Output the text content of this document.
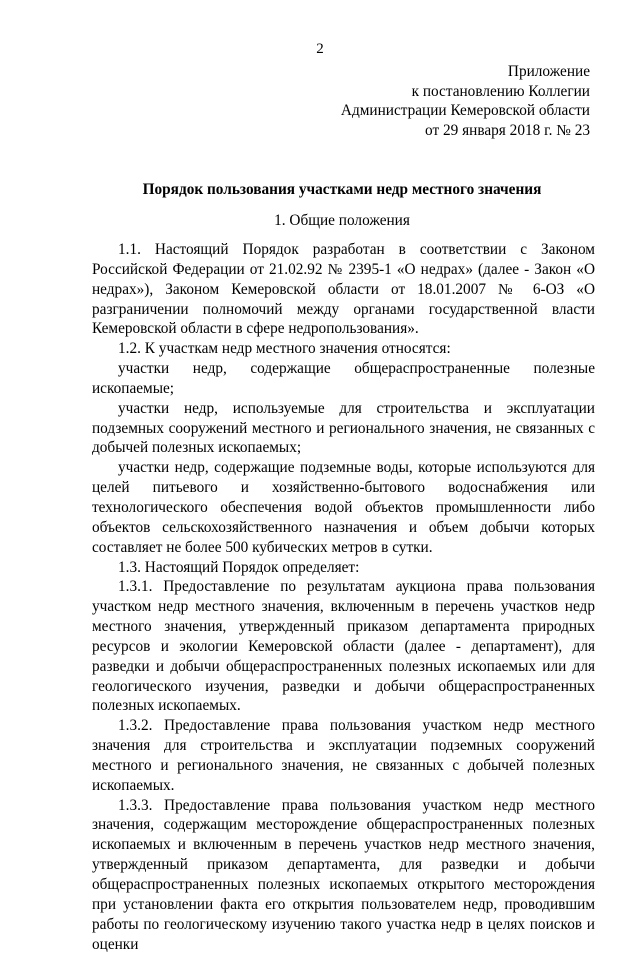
2
Приложение
к постановлению Коллегии
Администрации Кемеровской области
от 29 января 2018 г. № 23
Порядок пользования участками недр местного значения
1. Общие положения

1.1. Настоящий Порядок разработан в соответствии с Законом Российской Федерации от 21.02.92 № 2395-1 «О недрах» (далее - Закон «О недрах»), Законом Кемеровской области от 18.01.2007 № 6-ОЗ «О разграничении полномочий между органами государственной власти Кемеровской области в сфере недропользования».

1.2. К участкам недр местного значения относятся:

участки недр, содержащие общераспространенные полезные ископаемые;

участки недр, используемые для строительства и эксплуатации подземных сооружений местного и регионального значения, не связанных с добычей полезных ископаемых;

участки недр, содержащие подземные воды, которые используются для целей питьевого и хозяйственно-бытового водоснабжения или технологического обеспечения водой объектов промышленности либо объектов сельскохозяйственного назначения и объем добычи которых составляет не более 500 кубических метров в сутки.

1.3. Настоящий Порядок определяет:

1.3.1. Предоставление по результатам аукциона права пользования участком недр местного значения, включенным в перечень участков недр местного значения, утвержденный приказом департамента природных ресурсов и экологии Кемеровской области (далее - департамент), для разведки и добычи общераспространенных полезных ископаемых или для геологического изучения, разведки и добычи общераспространенных полезных ископаемых.

1.3.2. Предоставление права пользования участком недр местного значения для строительства и эксплуатации подземных сооружений местного и регионального значения, не связанных с добычей полезных ископаемых.

1.3.3. Предоставление права пользования участком недр местного значения, содержащим месторождение общераспространенных полезных ископаемых и включенным в перечень участков недр местного значения, утвержденный приказом департамента, для разведки и добычи общераспространенных полезных ископаемых открытого месторождения при установлении факта его открытия пользователем недр, проводившим работы по геологическому изучению такого участка недр в целях поисков и оценки
